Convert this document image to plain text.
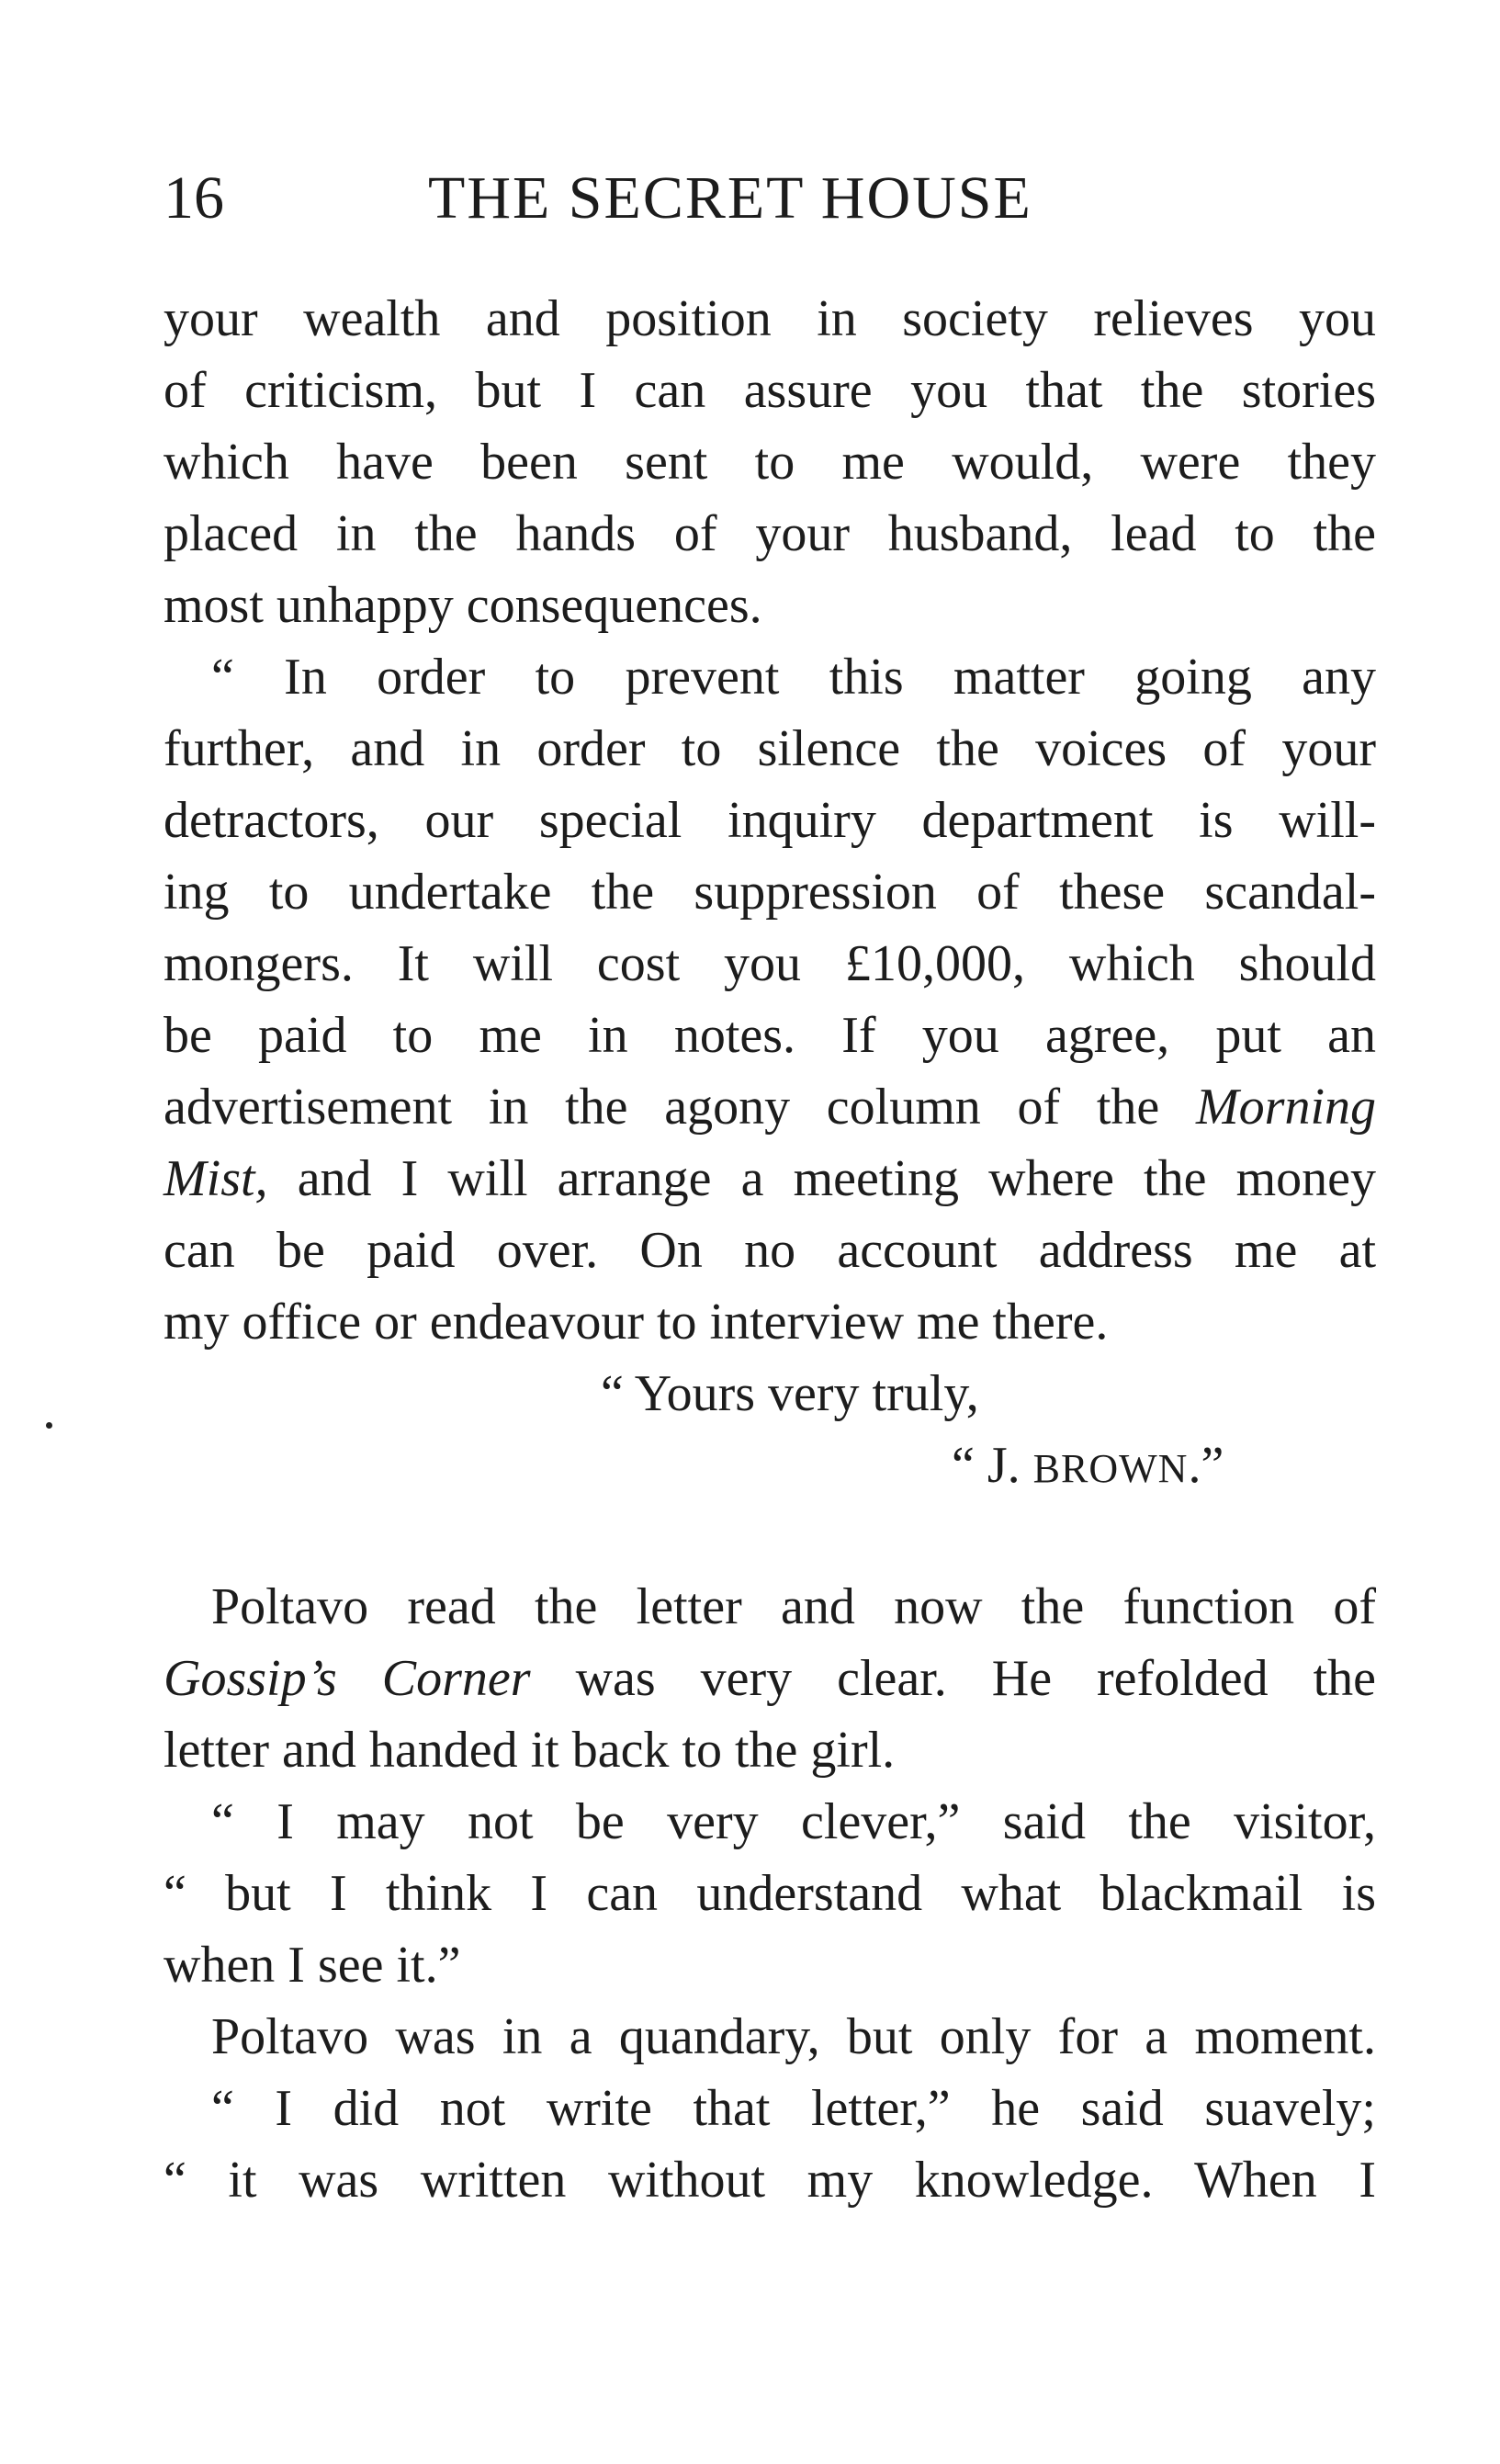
16	THE SECRET HOUSE
your wealth and position in society relieves you
of criticism, but I can assure you that the stories
which have been sent to me would, were they
placed in the hands of your husband, lead to the
most unhappy consequences.
“ In order to prevent this matter going any
further, and in order to silence the voices of your
detractors, our special inquiry department is will-
ing to undertake the suppression of these scandal-
mongers. It will cost you £10,000, which should
be paid to me in notes. If you agree, put an
advertisement in the agony column of the Morning
Mist, and I will arrange a meeting where the money
can be paid over. On no account address me at
my office or endeavour to interview me there.
“ Yours very truly,
“ J. BROWN.”
Poltavo read the letter and now the function of
Gossip’s Corner was very clear. He refolded the
letter and handed it back to the girl.
“ I may not be very clever,” said the visitor,
“ but I think I can understand what blackmail is
when I see it.”
Poltavo was in a quandary, but only for a moment.
“ I did not write that letter,” he said suavely;
“ it was written without my knowledge. When I
